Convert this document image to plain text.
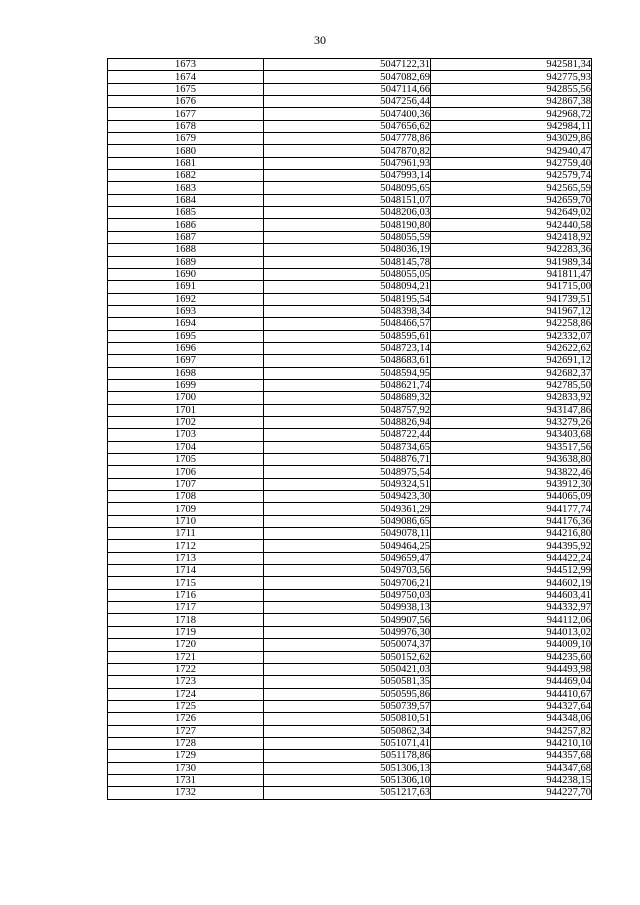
30
1673	5047122,31	942581,34
1674	5047082,69	942775,93
1675	5047114,66	942855,56
1676	5047256,44	942867,38
1677	5047400,36	942968,72
1678	5047656,62	942984,11
1679	5047778,86	943029,86
1680	5047870,82	942940,47
1681	5047961,93	942759,40
1682	5047993,14	942579,74
1683	5048095,65	942565,59
1684	5048151,07	942659,70
1685	5048206,03	942649,02
1686	5048190,80	942440,58
1687	5048055,59	942418,92
1688	5048036,19	942283,36
1689	5048145,78	941989,34
1690	5048055,05	941811,47
1691	5048094,21	941715,00
1692	5048195,54	941739,51
1693	5048398,34	941967,12
1694	5048466,57	942258,86
1695	5048595,61	942332,07
1696	5048723,14	942622,62
1697	5048683,61	942691,12
1698	5048594,95	942682,37
1699	5048621,74	942785,50
1700	5048689,32	942833,92
1701	5048757,92	943147,86
1702	5048826,94	943279,26
1703	5048722,44	943403,68
1704	5048734,65	943517,56
1705	5048876,71	943638,80
1706	5048975,54	943822,46
1707	5049324,51	943912,30
1708	5049423,30	944065,09
1709	5049361,29	944177,74
1710	5049086,65	944176,36
1711	5049078,11	944216,80
1712	5049464,25	944395,92
1713	5049659,47	944422,24
1714	5049703,56	944512,99
1715	5049706,21	944602,19
1716	5049750,03	944603,41
1717	5049938,13	944332,97
1718	5049907,56	944112,06
1719	5049976,30	944013,02
1720	5050074,37	944009,10
1721	5050152,62	944235,60
1722	5050421,03	944493,98
1723	5050581,35	944469,04
1724	5050595,86	944410,67
1725	5050739,57	944327,64
1726	5050810,51	944348,06
1727	5050862,34	944257,82
1728	5051071,41	944210,10
1729	5051178,86	944357,68
1730	5051306,13	944347,68
1731	5051306,10	944238,15
1732	5051217,63	944227,70
